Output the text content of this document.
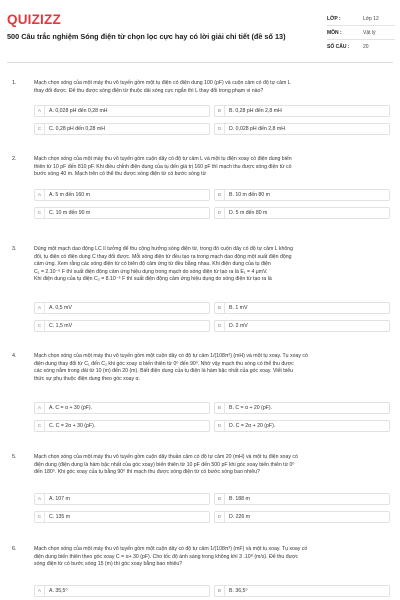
QUIZIZZ
500 Câu trắc nghiệm Sóng điện từ chọn lọc cực hay có lời giải chi tiết (đề số 13)
LỚP :	Lớp 12
MÔN :	Vật lý
SỐ CÂU :	20
1.	Mạch chọn sóng của một máy thu vô tuyến gồm một tụ điện có điện dung 100 (pF) và cuộn cảm có độ tự cảm L
thay đổi được. Để thu được sóng điện từ thuộc dải sóng cực ngắn thì L thay đổi trong phạm vi nào?
A	A. 0,028 pH đến 0,28 mH	B	B. 0,28 pH đến 2,8 mH
C	C. 0,28 pH đến 0,28 mH	D	D. 0,028 pH đến 2,8 mH
2.	Mạch chọn sóng của một máy thu vô tuyến gồm cuộn dây có độ tự cảm L và một tụ điện xoay có điện dung biến
thiên từ 10 pF đến 810 pF. Khi điều chỉnh điện dung của tụ đến giá trị 160 pF thì mạch thu được sóng điện từ có
bước sóng 40 m. Mạch trên có thể thu được sóng điện từ có bước sóng từ
A	A. 5 m đến 160 m	B	B. 10 m đến 80 m
C	C. 10 m đến 90 m	D	D. 5 m đến 80 m
3.	Dùng một mạch dao động LC lí tưởng để thu cộng hưởng sóng điện từ, trong đó cuộn dây có độ tự cảm L không
đổi, tụ điện có điện dung C thay đổi được. Mỗi sóng điện từ đều tạo ra trong mạch dao động một suất điện động
cảm ứng. Xem rằng các sóng điện từ có biên độ cảm ứng từ đều bằng nhau. Khi điện dung của tụ điện
C₁ = 2.10⁻⁶ F thì suất điện động cảm ứng hiệu dụng trong mạch do sóng điện từ tạo ra là E₁ = 4 μmV.
Khi điện dung của tụ điện C₂ = 8.10⁻⁶ F thì suất điện động cảm ứng hiệu dụng do sóng điện từ tạo ra là
A	A. 0,5 mV	B	B. 1 mV
C	C. 1,5 mV	D	D. 2 mV
4.	Mạch chọn sóng của một máy thu vô tuyến gồm một cuộn dây có độ tự cảm 1/(108π²) (mH) và một tụ xoay. Tụ xoay có
điện dung thay đổi từ C₁ đến C₂ khi góc xoay α biến thiên từ 0⁰ đến 90⁰. Nhờ vậy mạch thu sóng có thể thu được
các sóng nằm trong dải từ 10 (m) đến 20 (m). Biết điện dung của tụ điện là hàm bậc nhất của góc xoay. Viết biểu
thức sự phụ thuộc điện dung theo góc xoay α.
A	A. C = α + 30 (pF).	B	B. C = α + 20 (pF).
C	C. C = 2α + 30 (pF).	D	D. C = 2α + 20 (pF).
5.	Mạch chọn sóng của một máy thu vô tuyến gồm cuộn dây thuần cảm có độ tự cảm 20 (mH) và một tụ điện xoay có
điện dung (điện dung là hàm bậc nhất của góc xoay) biến thiên từ 10 pF đến 500 pF khi góc xoay biến thiên từ 0⁰
đến 180⁰. Khi góc xoay của tụ bằng 90⁰ thì mạch thu được sóng điện từ có bước sóng bao nhiêu?
A	A. 107 m	B	B. 188 m
C	C. 135 m	D	D. 226 m
6.	Mạch chọn sóng của một máy thu vô tuyến gồm một cuộn dây có độ tự cảm 1/(108π²) (mF) và một tụ xoay. Tụ xoay có
điện dung biến thiên theo góc xoay C = α+ 30 (pF). Cho tốc độ ánh sáng trong không khí 3 .10⁸ (m/s). Để thu được
sóng điện từ có bước sóng 15 (m) thì góc xoay bằng bao nhiêu?
A	A. 35,5⁰	B	B. 36,5⁰
